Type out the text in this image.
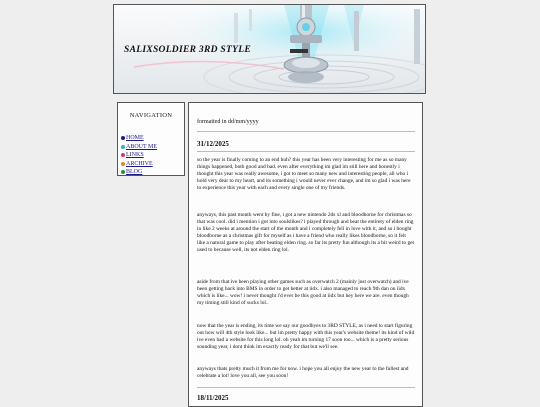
SALIXSOLDIER 3RD STYLE
NAVIGATION
HOME
ABOUT ME
LINKS
ARCHIVE
BLOG
formatted in dd/mm/yyyy
31/12/2025

so the year is finally coming to an end huh? this year has been very interesting for me as so many things happened, both good and bad. even after everything im glad im still here and honestly i thought this year was really awesome, i got to meet so many new and interesting people, all who i hold very dear to my heart, and its something i would never ever change, and im so glad i was here to experience this year with each and every single one of my friends.

anyways, this past month went by fine, i got a new nintendo 2ds xl and bloodborne for christmas so that was cool. did i mention i got into soulslikes? i played through and beat the entirety of elden ring in like 2 weeks at around the start of the month and i completely fell in love with it, and so i bought bloodborne as a christmas gift for myself as i have a friend who really likes bloodborne, so it felt like a natural game to play after beating elden ring. so far its pretty fun although its a bit weird to get used to because well, its not elden ring lol.

aside from that ive been playing other games such as overwatch 2 (mainly just overwatch) and ive been getting back into BMS in order to get better at iidx. i also managed to reach 9th dan on iidx which is like... wow! i never thought i'd ever be this good at iidx but hey here we are. even though my timing still kind of sucks lol..

now that the year is ending, its time we say our goodbyes to 3RD STYLE, as i need to start figuring out how will 4th style look like... but im pretty happy with this year's website theme! its kind of wild ive even had a website for this long lol. oh yeah im turning 17 soon too... which is a pretty serious sounding year, i dont think im exactly ready for that but we'll see.

anyways thats pretty much it from me for now. i hope you all enjoy the new year to the fullest and celebrate a lot! love you all, see you soon!

18/11/2025
